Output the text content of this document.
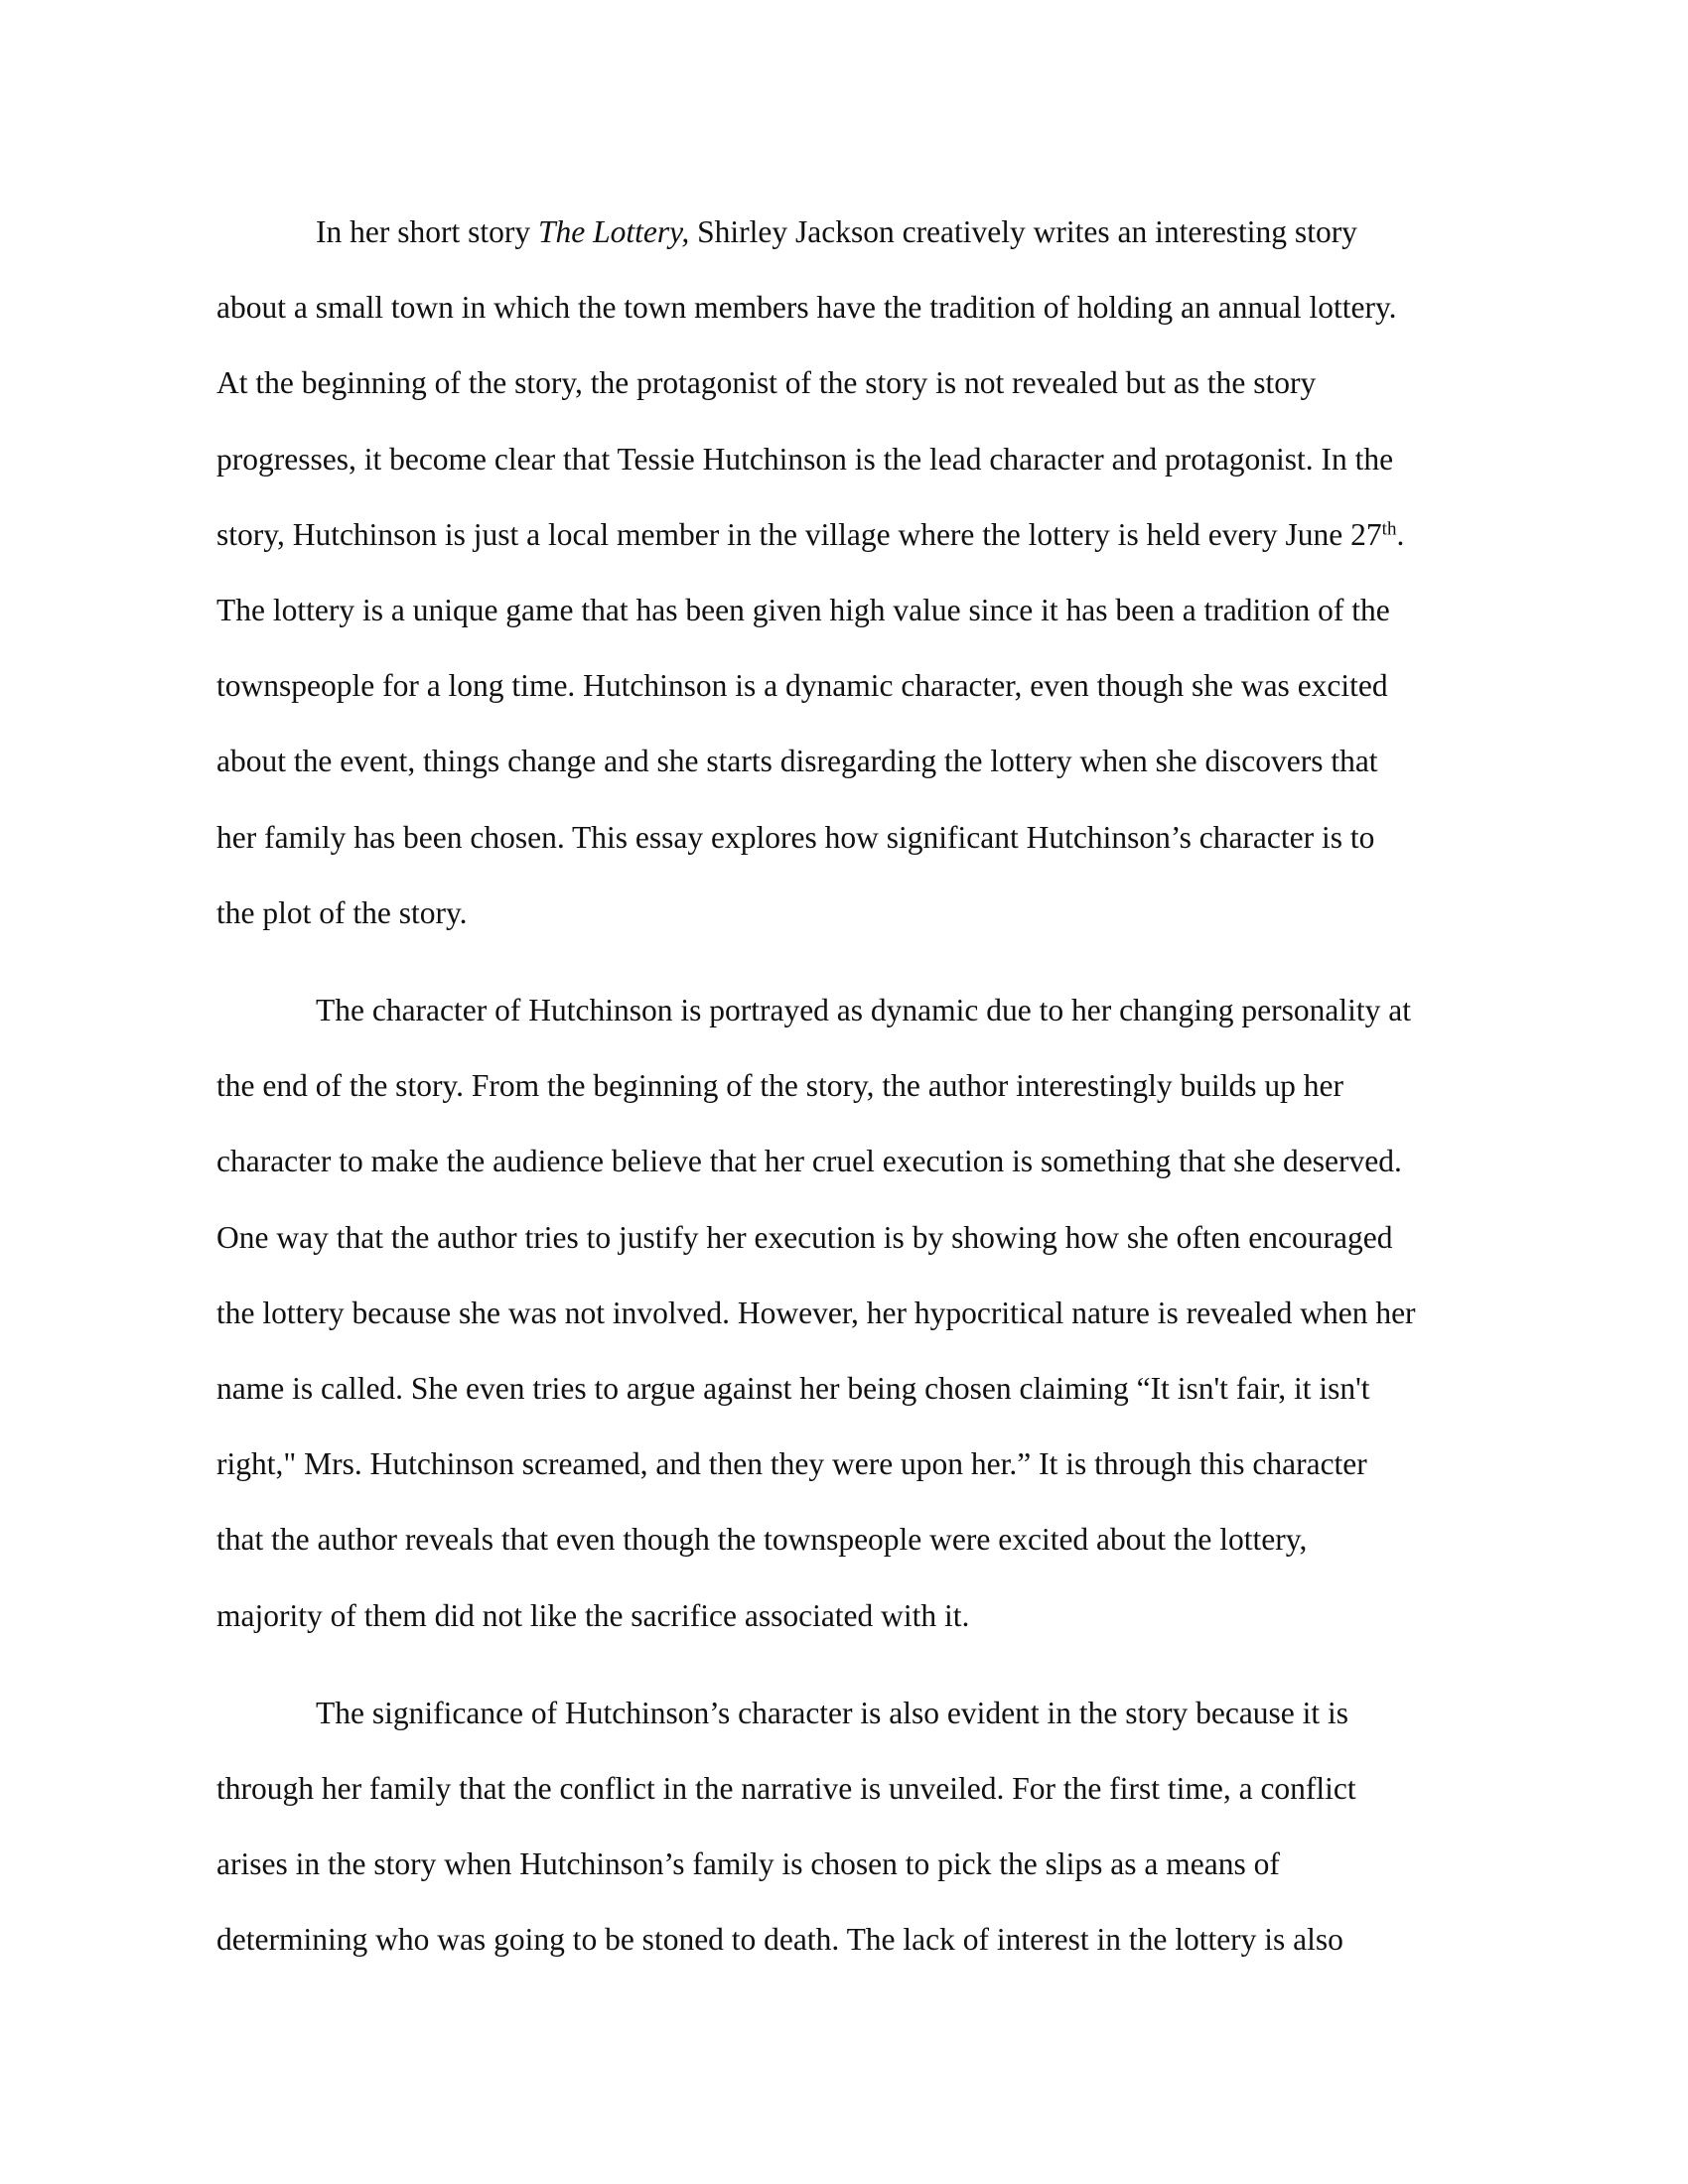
In her short story The Lottery, Shirley Jackson creatively writes an interesting story
about a small town in which the town members have the tradition of holding an annual lottery.
At the beginning of the story, the protagonist of the story is not revealed but as the story
progresses, it become clear that Tessie Hutchinson is the lead character and protagonist. In the
story, Hutchinson is just a local member in the village where the lottery is held every June 27th.
The lottery is a unique game that has been given high value since it has been a tradition of the
townspeople for a long time. Hutchinson is a dynamic character, even though she was excited
about the event, things change and she starts disregarding the lottery when she discovers that
her family has been chosen. This essay explores how significant Hutchinson’s character is to
the plot of the story.

The character of Hutchinson is portrayed as dynamic due to her changing personality at
the end of the story. From the beginning of the story, the author interestingly builds up her
character to make the audience believe that her cruel execution is something that she deserved.
One way that the author tries to justify her execution is by showing how she often encouraged
the lottery because she was not involved. However, her hypocritical nature is revealed when her
name is called. She even tries to argue against her being chosen claiming “It isn't fair, it isn't
right," Mrs. Hutchinson screamed, and then they were upon her.” It is through this character
that the author reveals that even though the townspeople were excited about the lottery,
majority of them did not like the sacrifice associated with it.

The significance of Hutchinson’s character is also evident in the story because it is
through her family that the conflict in the narrative is unveiled. For the first time, a conflict
arises in the story when Hutchinson’s family is chosen to pick the slips as a means of
determining who was going to be stoned to death. The lack of interest in the lottery is also
